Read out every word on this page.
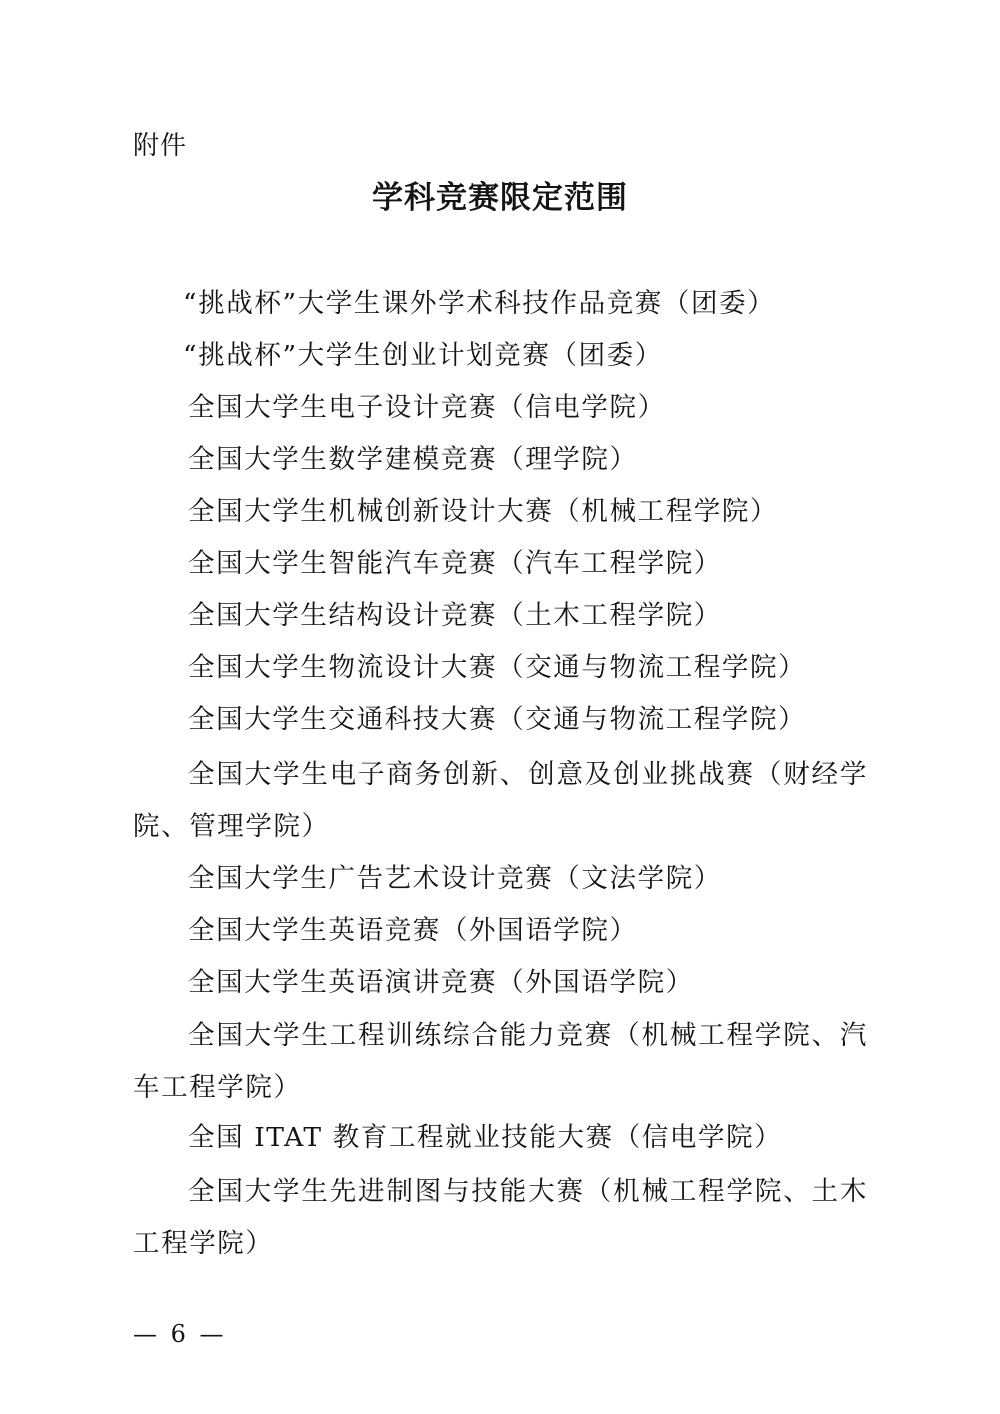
附件
学科竞赛限定范围

“挑战杯”大学生课外学术科技作品竞赛（团委）

“挑战杯”大学生创业计划竞赛（团委）

全国大学生电子设计竞赛（信电学院）

全国大学生数学建模竞赛（理学院）

全国大学生机械创新设计大赛（机械工程学院）

全国大学生智能汽车竞赛（汽车工程学院）

全国大学生结构设计竞赛（土木工程学院）

全国大学生物流设计大赛（交通与物流工程学院）

全国大学生交通科技大赛（交通与物流工程学院）

全国大学生电子商务创新、创意及创业挑战赛（财经学院、管理学院）

全国大学生广告艺术设计竞赛（文法学院）

全国大学生英语竞赛（外国语学院）

全国大学生英语演讲竞赛（外国语学院）

全国大学生工程训练综合能力竞赛（机械工程学院、汽车工程学院）

全国 ITAT 教育工程就业技能大赛（信电学院）

全国大学生先进制图与技能大赛（机械工程学院、土木工程学院）

— 6 —
